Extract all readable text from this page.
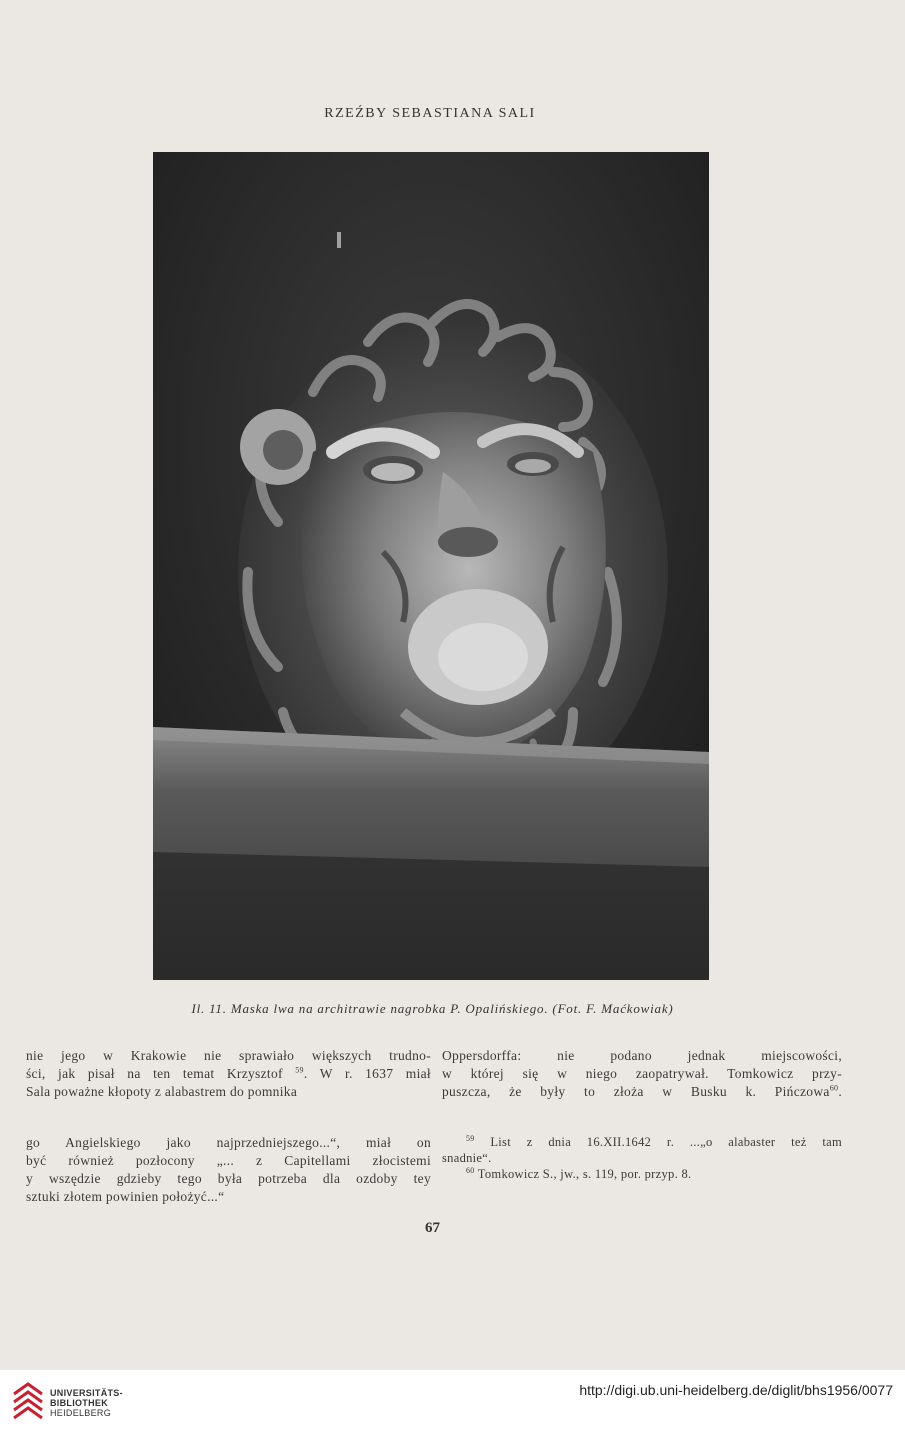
RZEŹBY SEBASTIANA SALI
Il. 11. Maska lwa na architrawie nagrobka P. Opalińskiego. (Fot. F. Maćkowiak)
nie jego w Krakowie nie sprawiało większych trudno-
ści, jak pisał na ten temat Krzysztof $^{59}$. W r. 1637 miał
Sala poważne kłopoty z alabastrem do pomnika
go Angielskiego jako najprzedniejszego...“, miał on
być również pozłocony „... z Capitellami złocistemi
y wszędzie gdzieby tego była potrzeba dla ozdoby tey
sztuki złotem powinien położyć...“
Oppersdorffa: nie podano jednak miejscowości,
w której się w niego zaopatrywał. Tomkowicz przy-
puszcza, że były to złoża w Busku k. Pińczowa$^{60}$.
$^{59}$ List z dnia 16.XII.1642 r. ...„o alabaster też tam
snadnie“.
$^{60}$ Tomkowicz S., jw., s. 119, por. przyp. 8.
67
UNIVERSITÄTS-
BIBLIOTHEK
HEIDELBERG
http://digi.ub.uni-heidelberg.de/diglit/bhs1956/0077
